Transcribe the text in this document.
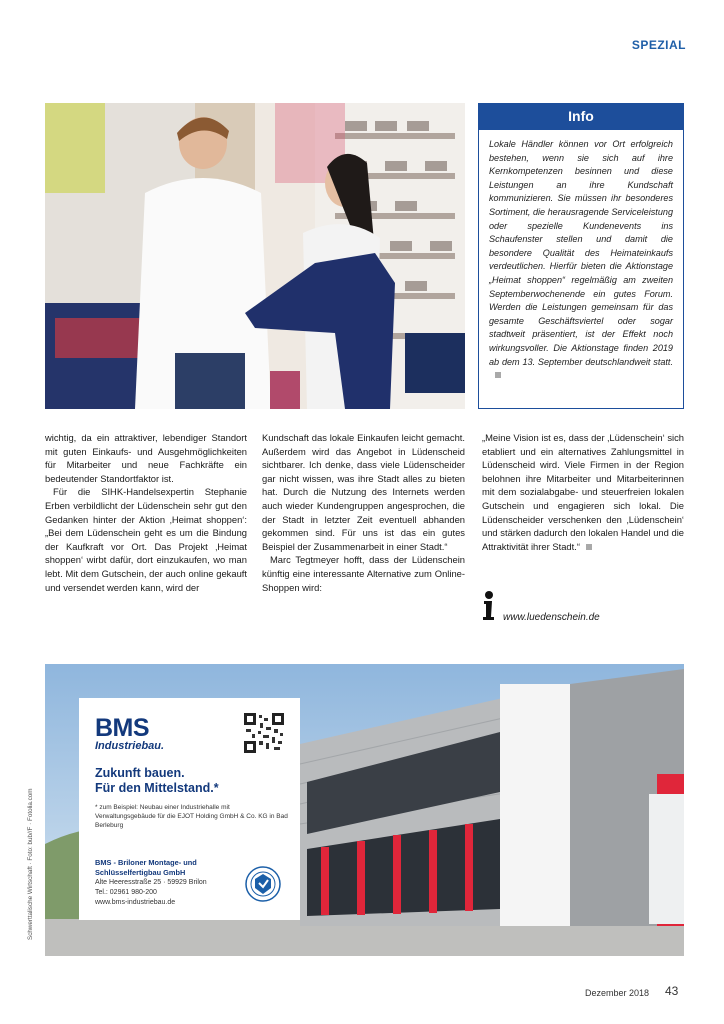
SPEZIAL
Info
Lokale Händler können vor Ort erfolgreich bestehen, wenn sie sich auf ihre Kernkompetenzen besinnen und diese Leistungen an ihre Kundschaft kommunizieren. Sie müssen ihr besonderes Sortiment, die herausragende Serviceleistung oder spezielle Kundenevents ins Schaufenster stellen und damit die besondere Qualität des Heimateinkaufs verdeutlichen. Hierfür bieten die Aktionstage „Heimat shoppen“ regelmäßig am zweiten Septemberwochenende ein gutes Forum. Werden die Leistungen gemeinsam für das gesamte Geschäftsviertel oder sogar stadtweit präsentiert, ist der Effekt noch wirkungsvoller. Die Aktionstage finden 2019 ab dem 13. September deutschlandweit statt.

wichtig, da ein attraktiver, lebendiger Standort mit guten Einkaufs- und Ausgehmöglichkeiten für Mitarbeiter und neue Fachkräfte ein bedeutender Standortfaktor ist.

Für die SIHK-Handelsexpertin Stephanie Erben verbildlicht der Lüdenschein sehr gut den Gedanken hinter der Aktion ‚Heimat shoppen‘: „Bei dem Lüdenschein geht es um die Bindung der Kaufkraft vor Ort. Das Projekt ‚Heimat shoppen‘ wirbt dafür, dort einzukaufen, wo man lebt. Mit dem Gutschein, der auch online gekauft und versendet werden kann, wird der

Kundschaft das lokale Einkaufen leicht gemacht. Außerdem wird das Angebot in Lüdenscheid sichtbarer. Ich denke, dass viele Lüdenscheider gar nicht wissen, was ihre Stadt alles zu bieten hat. Durch die Nutzung des Internets werden auch wieder Kundengruppen angesprochen, die der Stadt in letzter Zeit eventuell abhanden gekommen sind. Für uns ist das ein gutes Beispiel der Zusammenarbeit in einer Stadt.“

Marc Tegtmeyer hofft, dass der Lüdenschein künftig eine interessante Alternative zum Online-Shoppen wird:

„Meine Vision ist es, dass der ‚Lüdenschein‘ sich etabliert und ein alternatives Zahlungsmittel in Lüdenscheid wird. Viele Firmen in der Region belohnen ihre Mitarbeiter und Mitarbeiterinnen mit dem sozialabgabe- und steuerfreien lokalen Gutschein und engagieren sich lokal. Die Lüdenscheider verschenken den ‚Lüdenschein‘ und stärken dadurch den lokalen Handel und die Attraktivität ihrer Stadt.“

www.luedenschein.de
BMS
Industriebau.
Zukunft bauen.
Für den Mittelstand.*
* zum Beispiel: Neubau einer Industriehalle mit Verwaltungsgebäude für die EJOT Holding GmbH & Co. KG in Bad Berleburg
BMS - Briloner Montage- und
Schlüsselfertigbau GmbH
Alte Heeresstraße 25 · 59929 Brilon
Tel.: 02961 980-200
www.bms-industriebau.de
Schwerttalische Wirtschaft · Foto: bub//F · Fotolia.com
Dezember 2018 43
